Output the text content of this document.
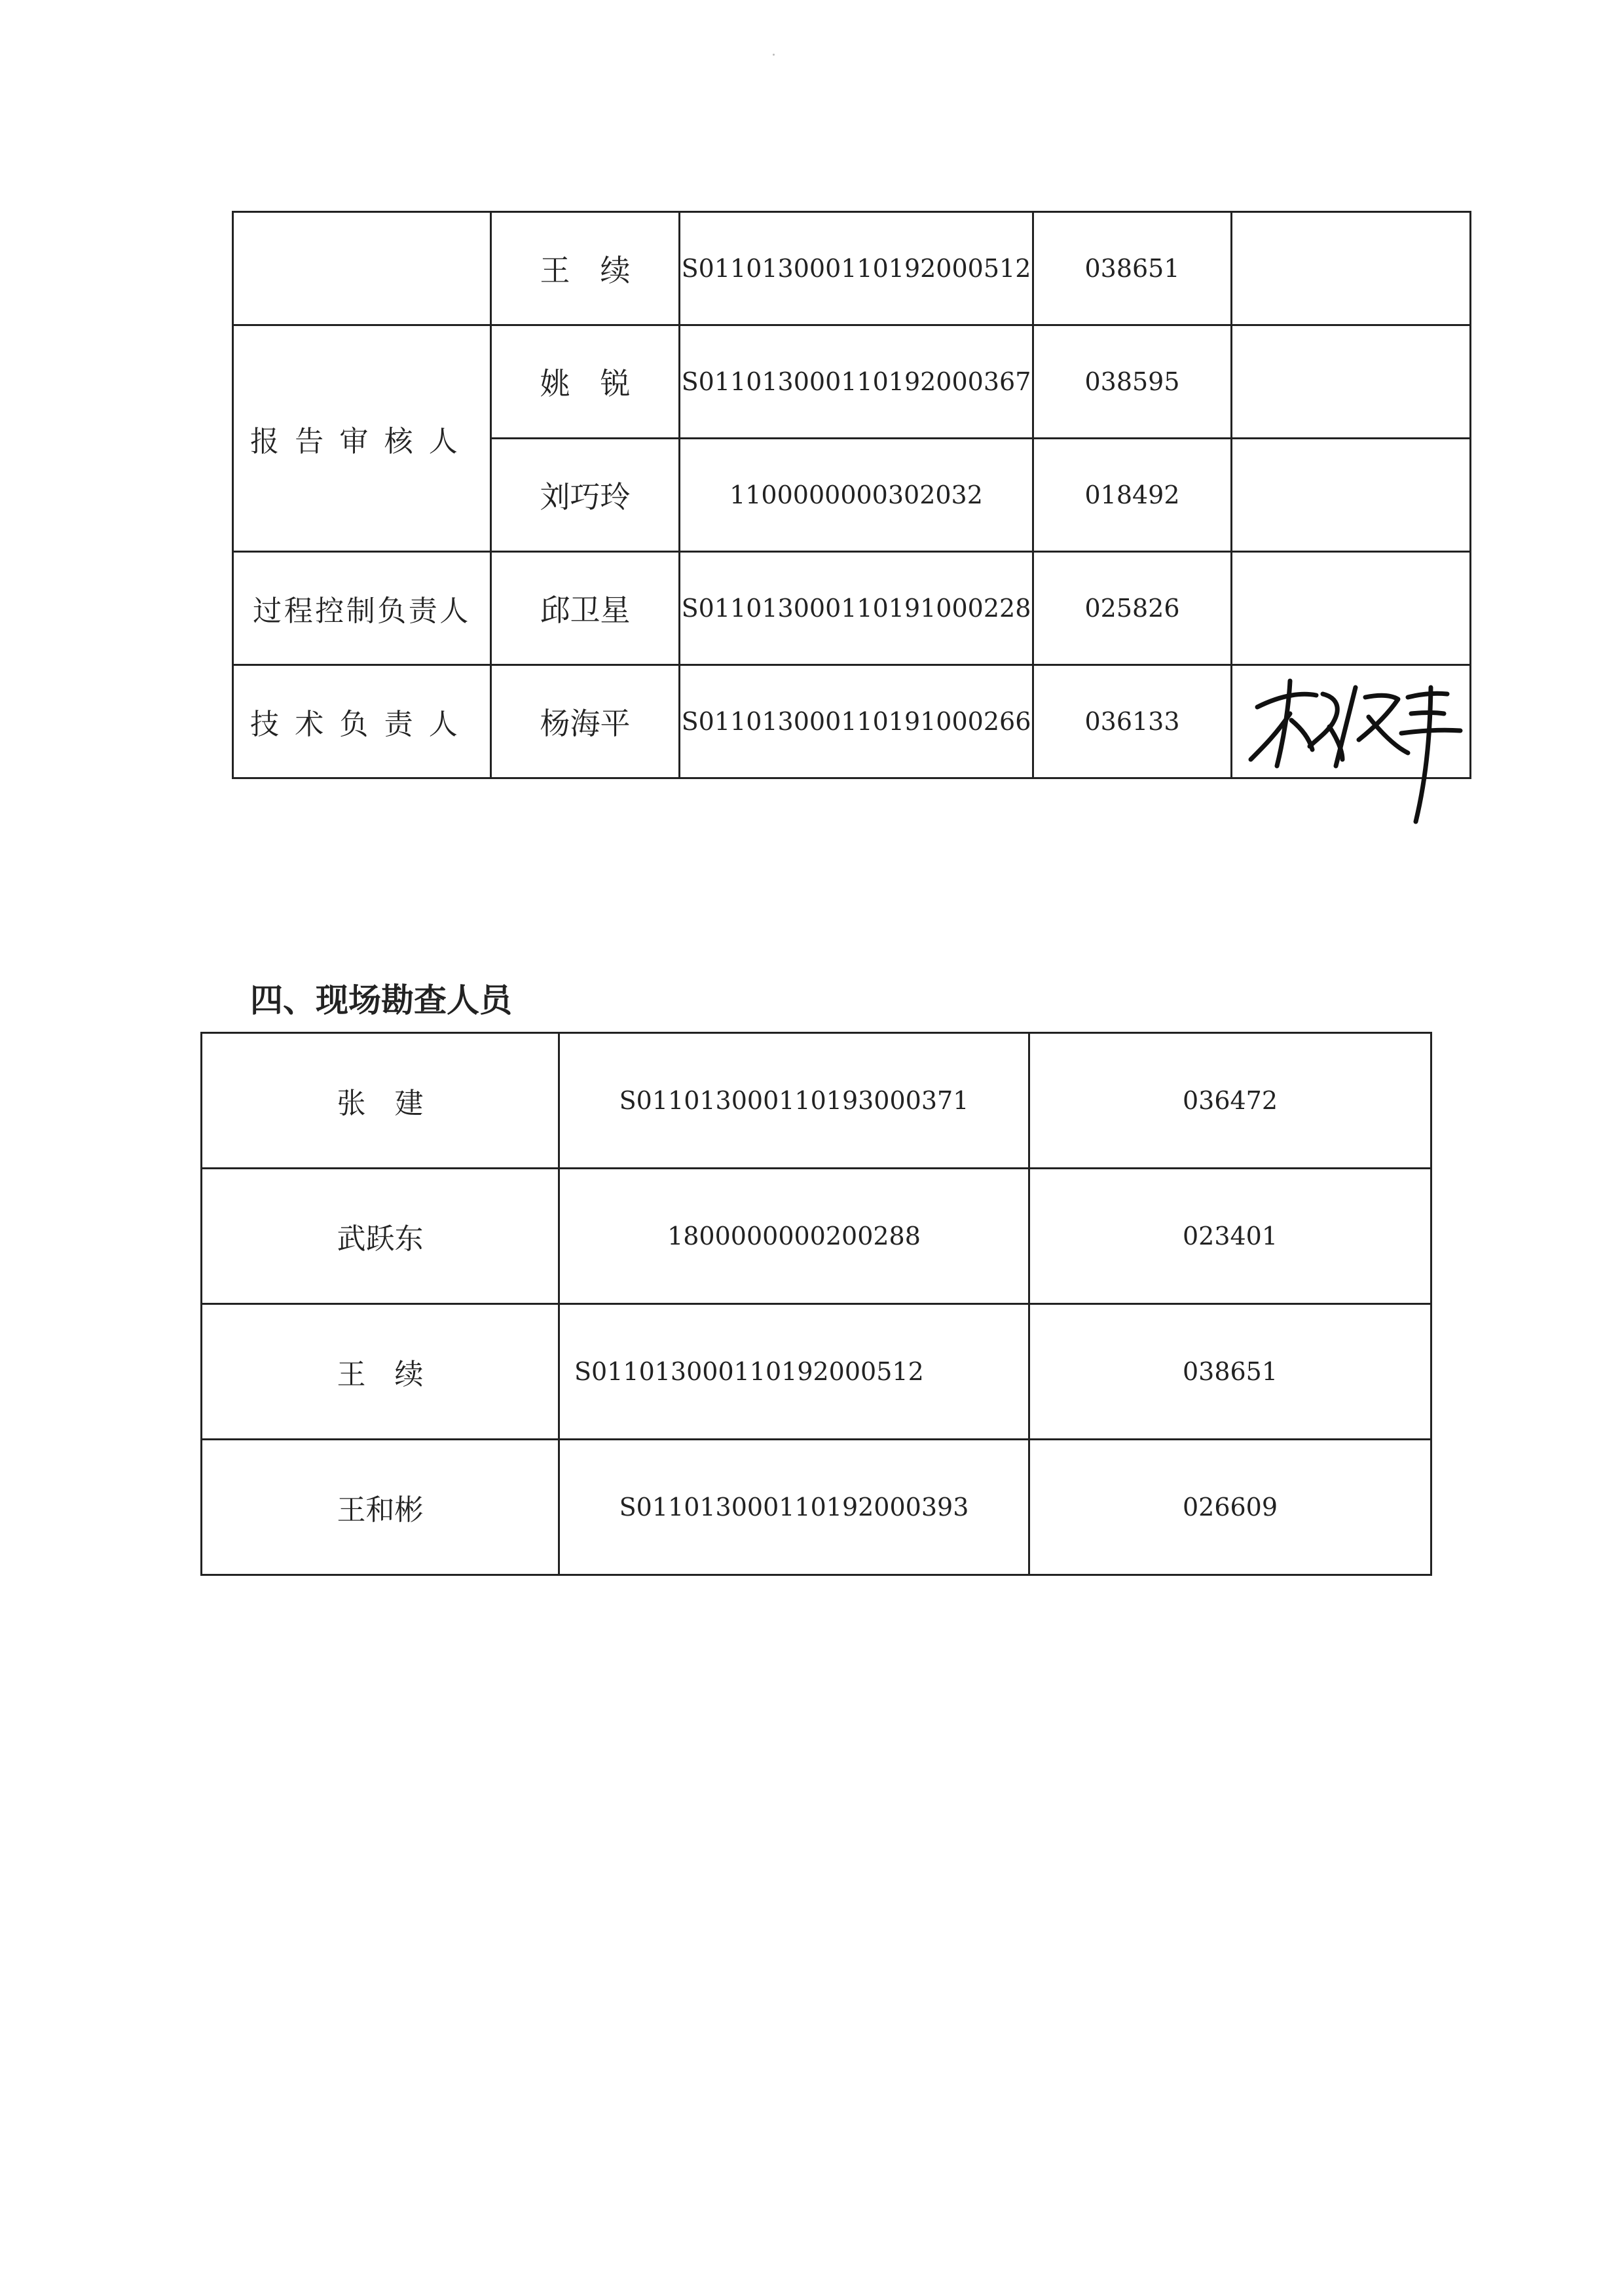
	王　续	S011013000110192000512	038651	
报告审核人	姚　锐	S011013000110192000367	038595	
	刘巧玲	1100000000302032	018492	
过程控制负责人	邱卫星	S011013000110191000228	025826	
技术负责人	杨海平	S011013000110191000266	036133	
四、现场勘查人员
张　建	S011013000110193000371	036472
武跃东	1800000000200288	023401
王　续	S011013000110192000512	038651
王和彬	S011013000110192000393	026609
